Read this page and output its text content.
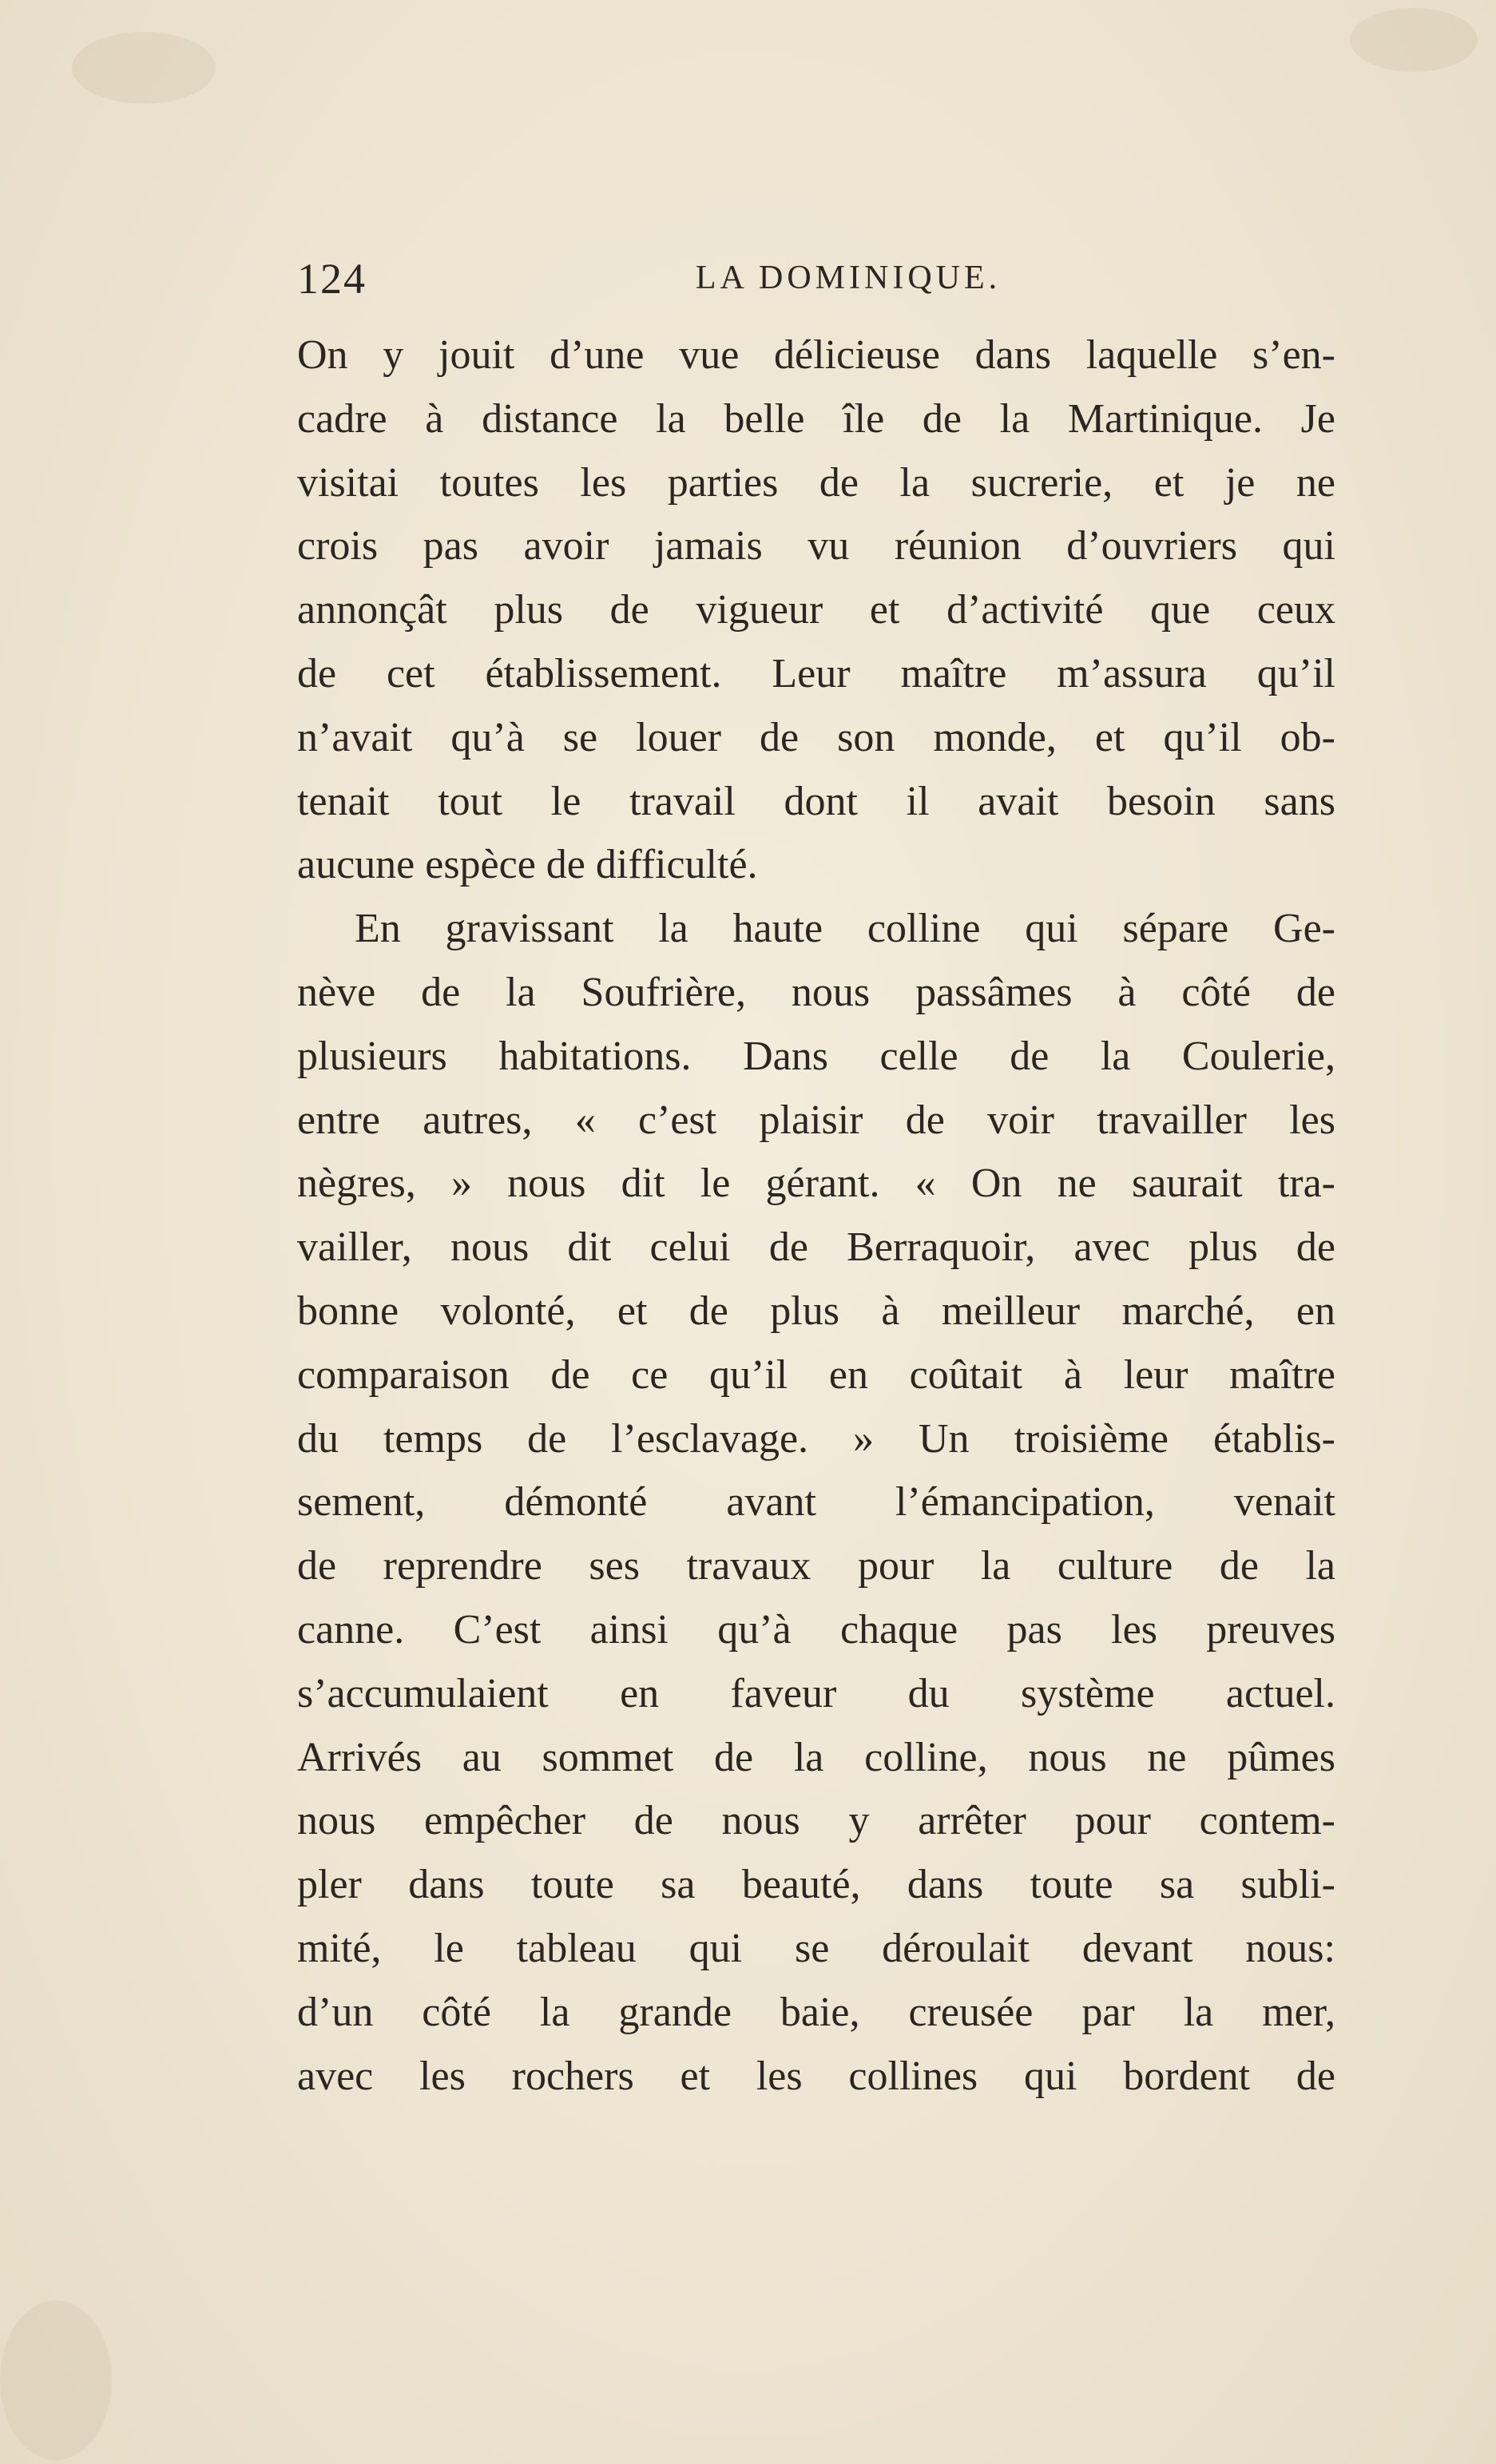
124	LA DOMINIQUE.
On y jouit d’une vue délicieuse dans laquelle s’en-
cadre à distance la belle île de la Martinique. Je
visitai toutes les parties de la sucrerie, et je ne
crois pas avoir jamais vu réunion d’ouvriers qui
annonçât plus de vigueur et d’activité que ceux
de cet établissement. Leur maître m’assura qu’il
n’avait qu’à se louer de son monde, et qu’il ob-
tenait tout le travail dont il avait besoin sans
aucune espèce de difficulté.
En gravissant la haute colline qui sépare Ge-
nève de la Soufrière, nous passâmes à côté de
plusieurs habitations. Dans celle de la Coulerie,
entre autres, « c’est plaisir de voir travailler les
nègres, » nous dit le gérant. « On ne saurait tra-
vailler, nous dit celui de Berraquoir, avec plus de
bonne volonté, et de plus à meilleur marché, en
comparaison de ce qu’il en coûtait à leur maître
du temps de l’esclavage. » Un troisième établis-
sement, démonté avant l’émancipation, venait
de reprendre ses travaux pour la culture de la
canne. C’est ainsi qu’à chaque pas les preuves
s’accumulaient en faveur du système actuel.
Arrivés au sommet de la colline, nous ne pûmes
nous empêcher de nous y arrêter pour contem-
pler dans toute sa beauté, dans toute sa subli-
mité, le tableau qui se déroulait devant nous:
d’un côté la grande baie, creusée par la mer,
avec les rochers et les collines qui bordent de
